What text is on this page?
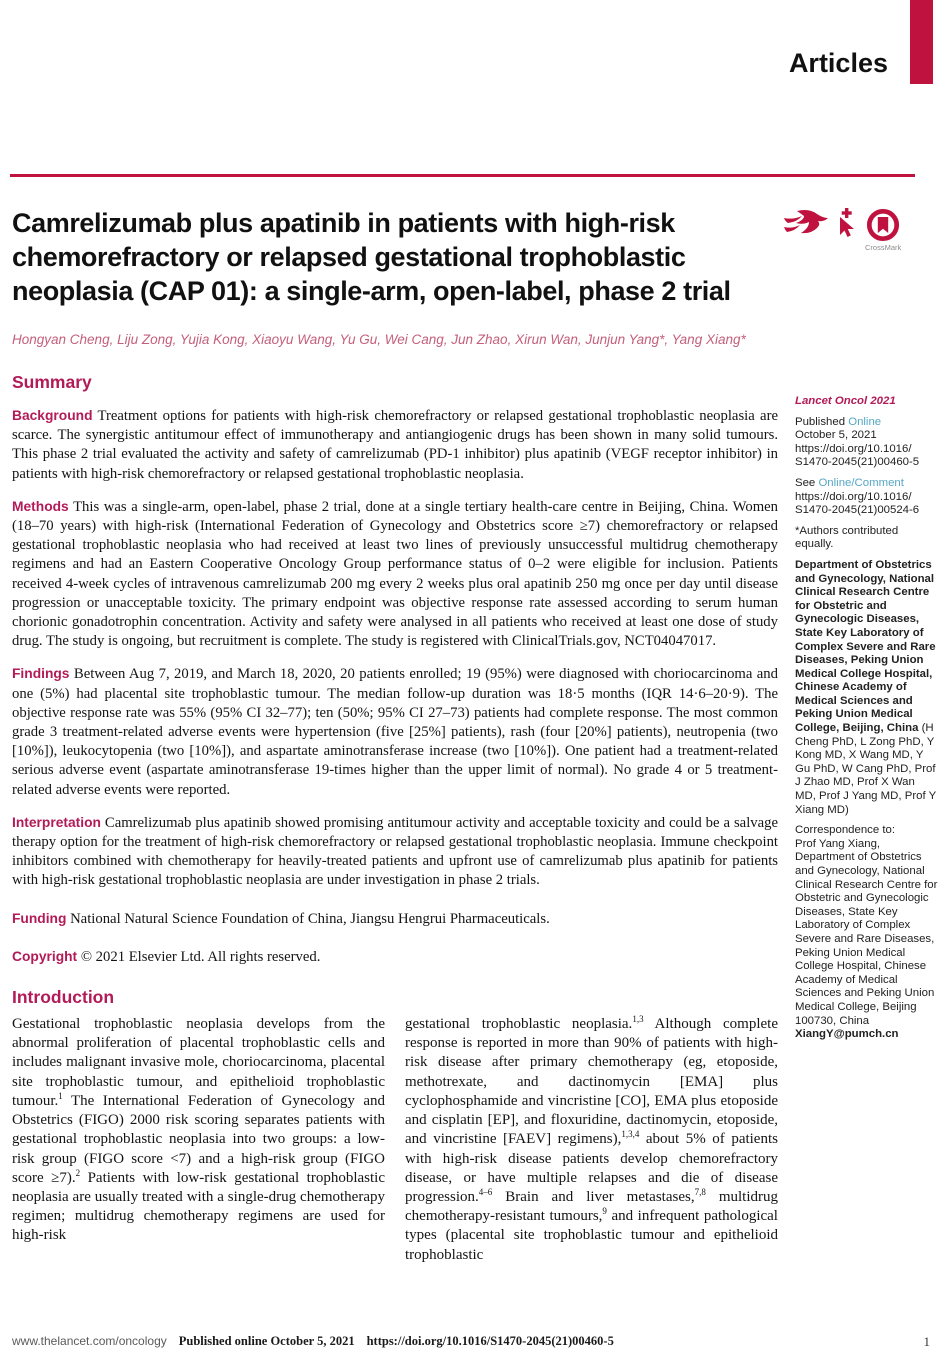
Articles
CrossMark
Camrelizumab plus apatinib in patients with high-risk
chemorefractory or relapsed gestational trophoblastic
neoplasia (CAP 01): a single-arm, open-label, phase 2 trial
Hongyan Cheng, Liju Zong, Yujia Kong, Xiaoyu Wang, Yu Gu, Wei Cang, Jun Zhao, Xirun Wan, Junjun Yang*, Yang Xiang*
Summary

Background Treatment options for patients with high-risk chemorefractory or relapsed gestational trophoblastic neoplasia are scarce. The synergistic antitumour effect of immunotherapy and antiangiogenic drugs has been shown in many solid tumours. This phase 2 trial evaluated the activity and safety of camrelizumab (PD-1 inhibitor) plus apatinib (VEGF receptor inhibitor) in patients with high-risk chemorefractory or relapsed gestational trophoblastic neoplasia.

Methods This was a single-arm, open-label, phase 2 trial, done at a single tertiary health-care centre in Beijing, China. Women (18–70 years) with high-risk (International Federation of Gynecology and Obstetrics score ≥7) chemorefractory or relapsed gestational trophoblastic neoplasia who had received at least two lines of previously unsuccessful multidrug chemotherapy regimens and had an Eastern Cooperative Oncology Group performance status of 0–2 were eligible for inclusion. Patients received 4-week cycles of intravenous camrelizumab 200 mg every 2 weeks plus oral apatinib 250 mg once per day until disease progression or unacceptable toxicity. The primary endpoint was objective response rate assessed according to serum human chorionic gonadotrophin concentration. Activity and safety were analysed in all patients who received at least one dose of study drug. The study is ongoing, but recruitment is complete. The study is registered with ClinicalTrials.gov, NCT04047017.

Findings Between Aug 7, 2019, and March 18, 2020, 20 patients enrolled; 19 (95%) were diagnosed with choriocarcinoma and one (5%) had placental site trophoblastic tumour. The median follow-up duration was 18·5 months (IQR 14·6–20·9). The objective response rate was 55% (95% CI 32–77); ten (50%; 95% CI 27–73) patients had complete response. The most common grade 3 treatment-related adverse events were hypertension (five [25%] patients), rash (four [20%] patients), neutropenia (two [10%]), leukocytopenia (two [10%]), and aspartate aminotransferase increase (two [10%]). One patient had a treatment-related serious adverse event (aspartate aminotransferase 19-times higher than the upper limit of normal). No grade 4 or 5 treatment-related adverse events were reported.

Interpretation Camrelizumab plus apatinib showed promising antitumour activity and acceptable toxicity and could be a salvage therapy option for the treatment of high-risk chemorefractory or relapsed gestational trophoblastic neoplasia. Immune checkpoint inhibitors combined with chemotherapy for heavily-treated patients and upfront use of camrelizumab plus apatinib for patients with high-risk gestational trophoblastic neoplasia are under investigation in phase 2 trials.

Funding National Natural Science Foundation of China, Jiangsu Hengrui Pharmaceuticals.

Copyright © 2021 Elsevier Ltd. All rights reserved.

Introduction
Gestational trophoblastic neoplasia develops from the abnormal proliferation of placental trophoblastic cells and includes malignant invasive mole, choriocarcinoma, placental site trophoblastic tumour, and epithelioid trophoblastic tumour.$^1$ The International Federation of Gynecology and Obstetrics (FIGO) 2000 risk scoring separates patients with gestational trophoblastic neoplasia into two groups: a low-risk group (FIGO score <7) and a high-risk group (FIGO score ≥7).$^2$ Patients with low-risk gestational trophoblastic neoplasia are usually treated with a single-drug chemotherapy regimen; multidrug chemotherapy regimens are used for high-risk
gestational trophoblastic neoplasia.$^{1,3}$ Although complete response is reported in more than 90% of patients with high-risk disease after primary chemotherapy (eg, etoposide, methotrexate, and dactinomycin [EMA] plus cyclophosphamide and vincristine [CO], EMA plus etoposide and cisplatin [EP], and floxuridine, dactinomycin, etoposide, and vincristine [FAEV] regimens),$^{1,3,4}$ about 5% of patients with high-risk disease patients develop chemorefractory disease, or have multiple relapses and die of disease progression.$^{4-6}$ Brain and liver metastases,$^{7,8}$ multidrug chemotherapy-resistant tumours,$^9$ and infrequent pathological types (placental site trophoblastic tumour and epithelioid trophoblastic

Lancet Oncol 2021

Published Online
October 5, 2021
https://doi.org/10.1016/
S1470-2045(21)00460-5

See Online/Comment
https://doi.org/10.1016/
S1470-2045(21)00524-6

*Authors contributed equally.

Department of Obstetrics and Gynecology, National Clinical Research Centre for Obstetric and Gynecologic Diseases, State Key Laboratory of Complex Severe and Rare Diseases, Peking Union Medical College Hospital, Chinese Academy of Medical Sciences and Peking Union Medical College, Beijing, China (H Cheng PhD, L Zong PhD, Y Kong MD, X Wang MD, Y Gu PhD, W Cang PhD, Prof J Zhao MD, Prof X Wan MD, Prof J Yang MD, Prof Y Xiang MD)

Correspondence to:
Prof Yang Xiang, Department of Obstetrics and Gynecology, National Clinical Research Centre for Obstetric and Gynecologic Diseases, State Key Laboratory of Complex Severe and Rare Diseases, Peking Union Medical College Hospital, Chinese Academy of Medical Sciences and Peking Union Medical College, Beijing 100730, China
XiangY@pumch.cn

www.thelancet.com/oncology Published online October 5, 2021 https://doi.org/10.1016/S1470-2045(21)00460-5	1
